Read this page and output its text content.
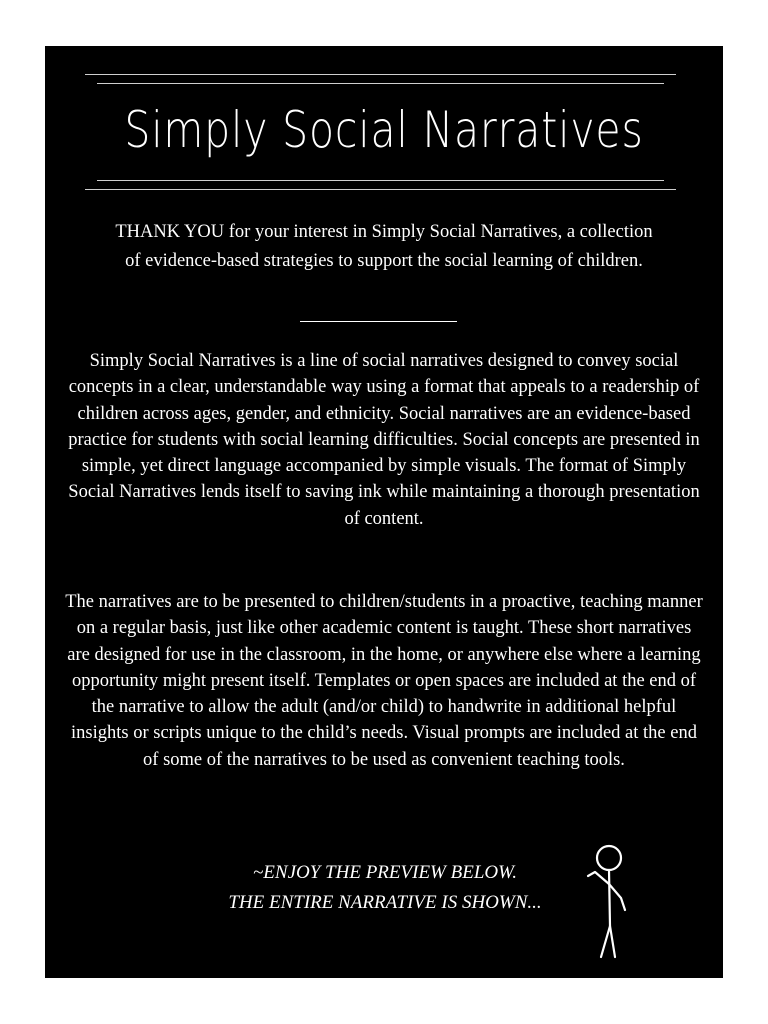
Simply Social Narratives
THANK YOU for your interest in Simply Social Narratives, a collection of evidence-based strategies to support the social learning of children.
Simply Social Narratives is a line of social narratives designed to convey social concepts in a clear, understandable way using a format that appeals to a readership of children across ages, gender, and ethnicity. Social narratives are an evidence-based practice for students with social learning difficulties. Social concepts are presented in simple, yet direct language accompanied by simple visuals. The format of Simply Social Narratives lends itself to saving ink while maintaining a thorough presentation of content.
The narratives are to be presented to children/students in a proactive, teaching manner on a regular basis, just like other academic content is taught. These short narratives are designed for use in the classroom, in the home, or anywhere else where a learning opportunity might present itself. Templates or open spaces are included at the end of the narrative to allow the adult (and/or child) to handwrite in additional helpful insights or scripts unique to the child’s needs. Visual prompts are included at the end of some of the narratives to be used as convenient teaching tools.
~ENJOY THE PREVIEW BELOW.
THE ENTIRE NARRATIVE IS SHOWN...
